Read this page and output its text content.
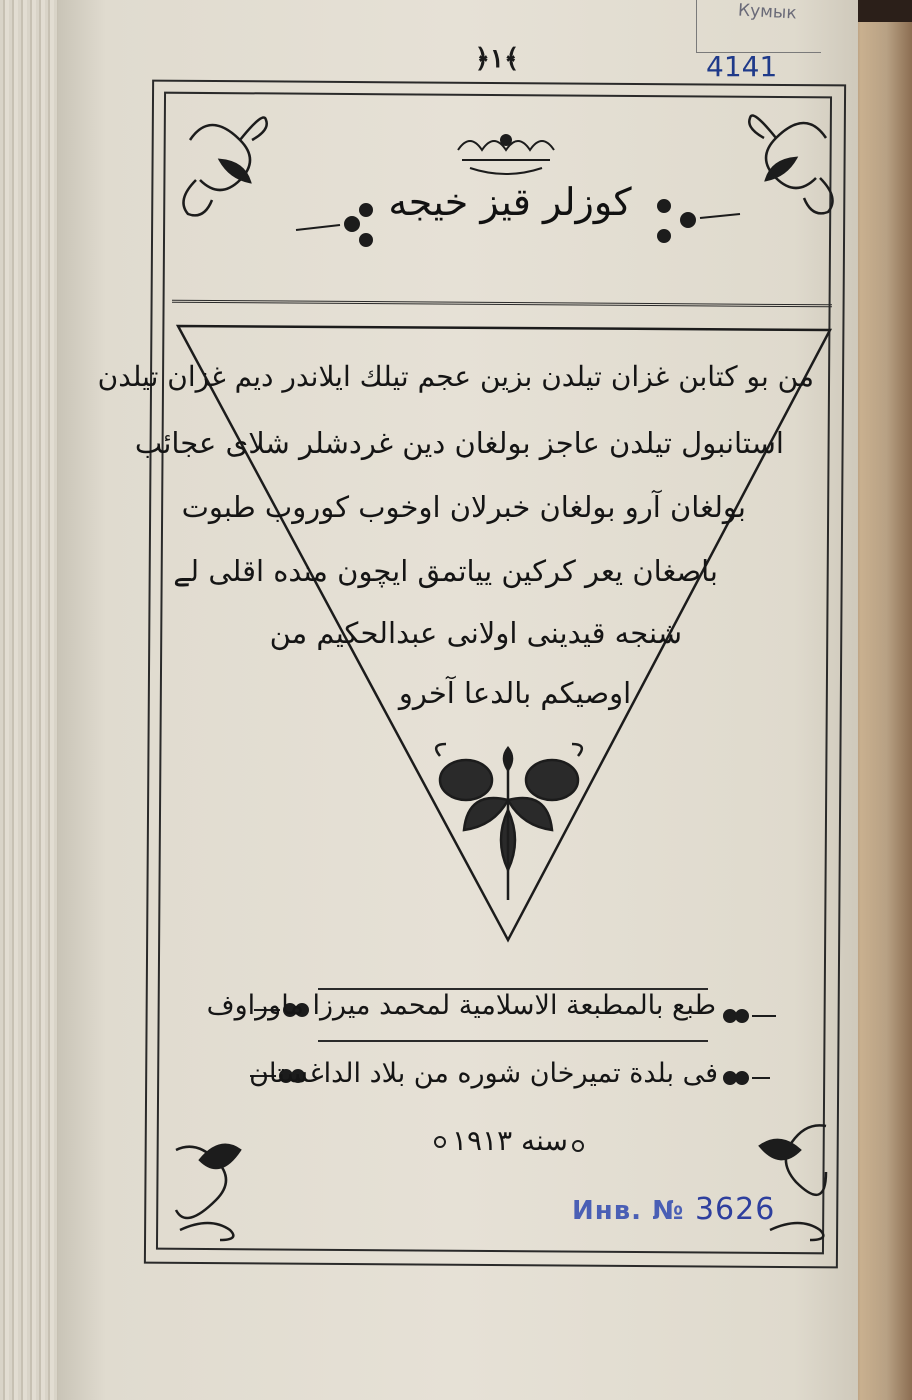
Кумык
4141
﴿١﴾
کوزلر قیز خیجه
من بو کتابن غزان تیلدن بزین عجم تیلك ایلاندر دیم غزان تیلدن
استانبول تیلدن عاجز بولغان دین غردشلر شلای عجائب
بولغان آرو بولغان خبرلان اوخوب کوروب طبوت
باصغان یعر کرکین ییاتمق ایچون منده اقلی لے
شنجه قیدینی اولانی عبدالحکیم من
اوصیکم بالدعا آخرو
طبع بالمطبعة الاسلامیة لمحمد میرزا ماوراوف
فی بلدة تمیرخان شوره من بلاد الداغستان
سنه ١٩١٣
Инв. № 3626
